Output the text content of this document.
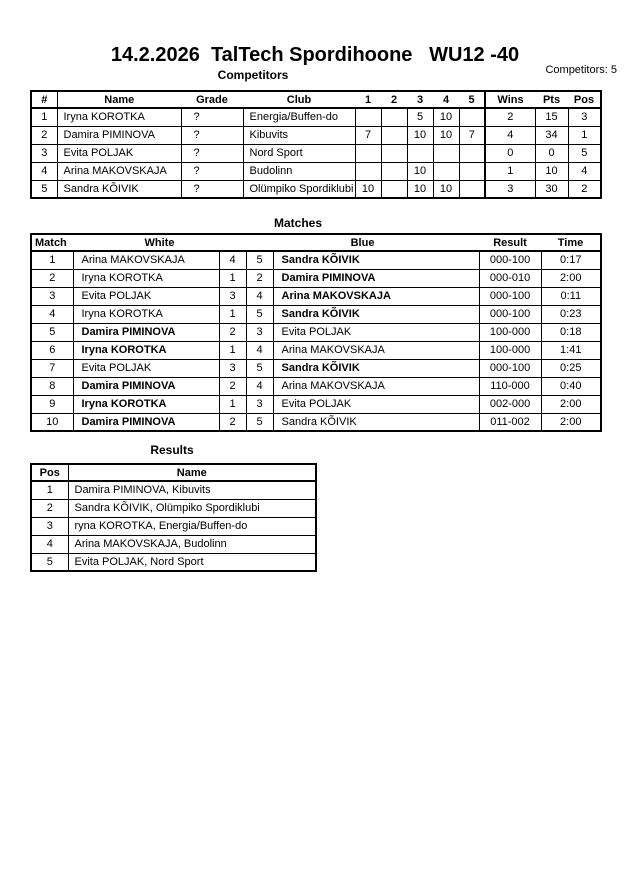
14.2.2026  TalTech Spordihoone   WU12 -40
Competitors: 5
Competitors
#	Name	Grade	Club	1	2	3	4	5	Wins	Pts	Pos
1	Iryna KOROTKA	?	Energia/Buffen-do			5	10		2	15	3
2	Damira PIMINOVA	?	Kibuvits	7		10	10	7	4	34	1
3	Evita POLJAK	?	Nord Sport						0	0	5
4	Arina MAKOVSKAJA	?	Budolinn			10			1	10	4
5	Sandra KÕIVIK	?	Olümpiko Spordiklubi	10		10	10		3	30	2
Matches
Match	White		Blue		Result	Time
1	Arina MAKOVSKAJA	4	5	Sandra KÕIVIK	000-100	0:17
2	Iryna KOROTKA	1	2	Damira PIMINOVA	000-010	2:00
3	Evita POLJAK	3	4	Arina MAKOVSKAJA	000-100	0:11
4	Iryna KOROTKA	1	5	Sandra KÕIVIK	000-100	0:23
5	Damira PIMINOVA	2	3	Evita POLJAK	100-000	0:18
6	Iryna KOROTKA	1	4	Arina MAKOVSKAJA	100-000	1:41
7	Evita POLJAK	3	5	Sandra KÕIVIK	000-100	0:25
8	Damira PIMINOVA	2	4	Arina MAKOVSKAJA	110-000	0:40
9	Iryna KOROTKA	1	3	Evita POLJAK	002-000	2:00
10	Damira PIMINOVA	2	5	Sandra KÕIVIK	011-002	2:00
Results
Pos	Name
1	Damira PIMINOVA, Kibuvits
2	Sandra KÕIVIK, Olümpiko Spordiklubi
3	ryna KOROTKA, Energia/Buffen-do
4	Arina MAKOVSKAJA, Budolinn
5	Evita POLJAK, Nord Sport
